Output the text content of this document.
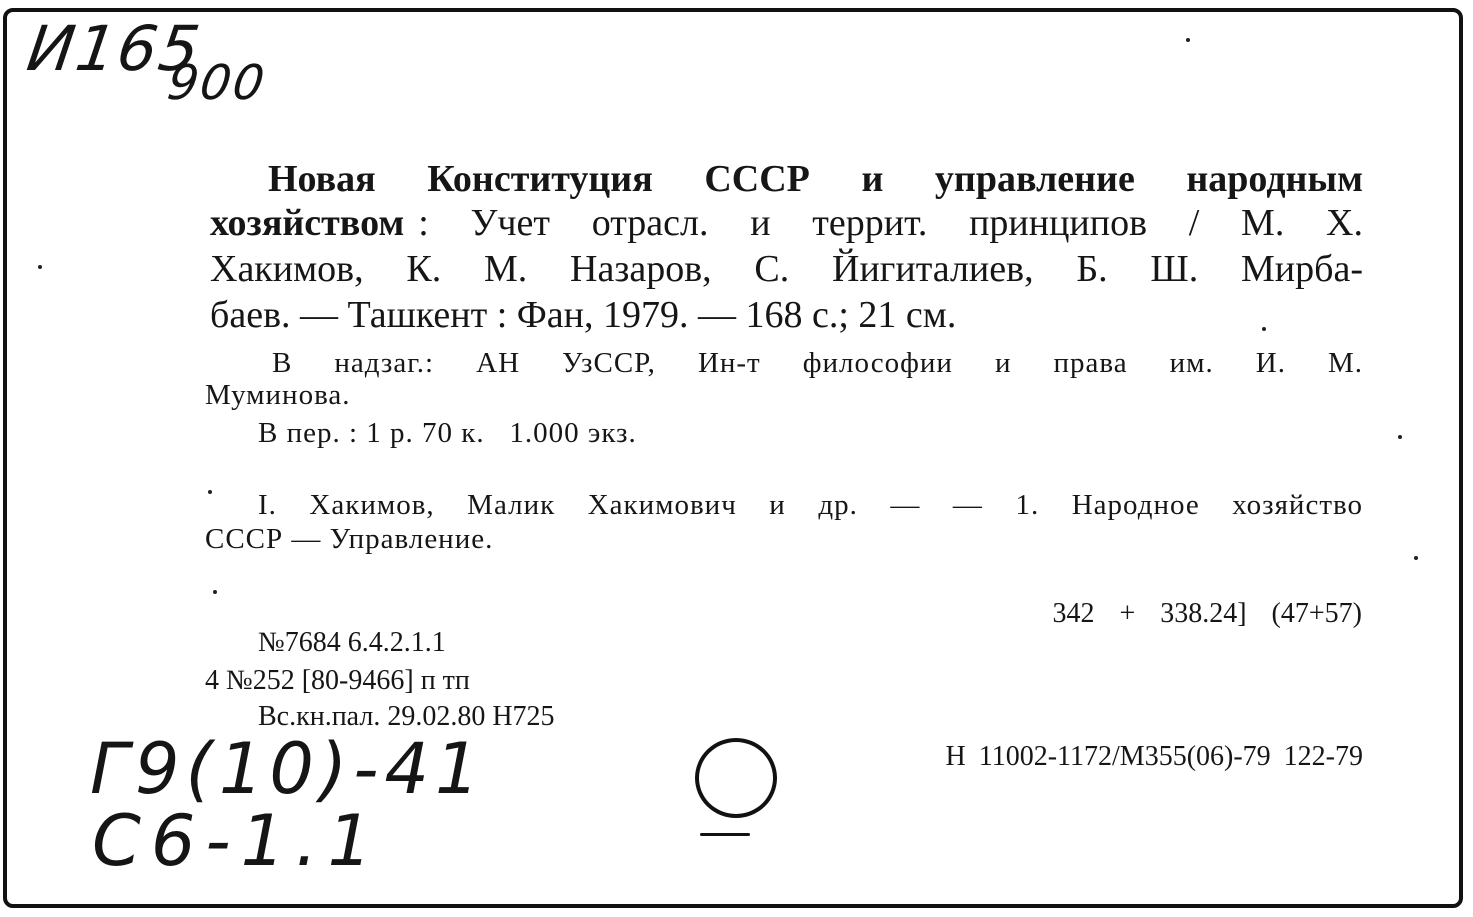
И165
900
Новая Конституция СССР и управление народным
хозяйством : Учет отрасл. и террит. принципов / М. Х.
Хакимов, К. М. Назаров, С. Йигиталиев, Б. Ш. Мирба-
баев. — Ташкент : Фан, 1979. — 168 с.; 21 см.
В надзаг.: АН УзССР, Ин-т философии и права им. И. М.
Муминова.
В пер. : 1 р. 70 к.   1.000 экз.
I. Хакимов, Малик Хакимович и др. — — 1. Народное хозяйство
СССР — Управление.
342 + 338.24] (47+57)
№7684 6.4.2.1.1
4 №252 [80-9466] п тп
Вс.кн.пал. 29.02.80 Н725
Н 11002-1172/М355(06)-79 122-79
Г9(10)-41
С6-1.1
